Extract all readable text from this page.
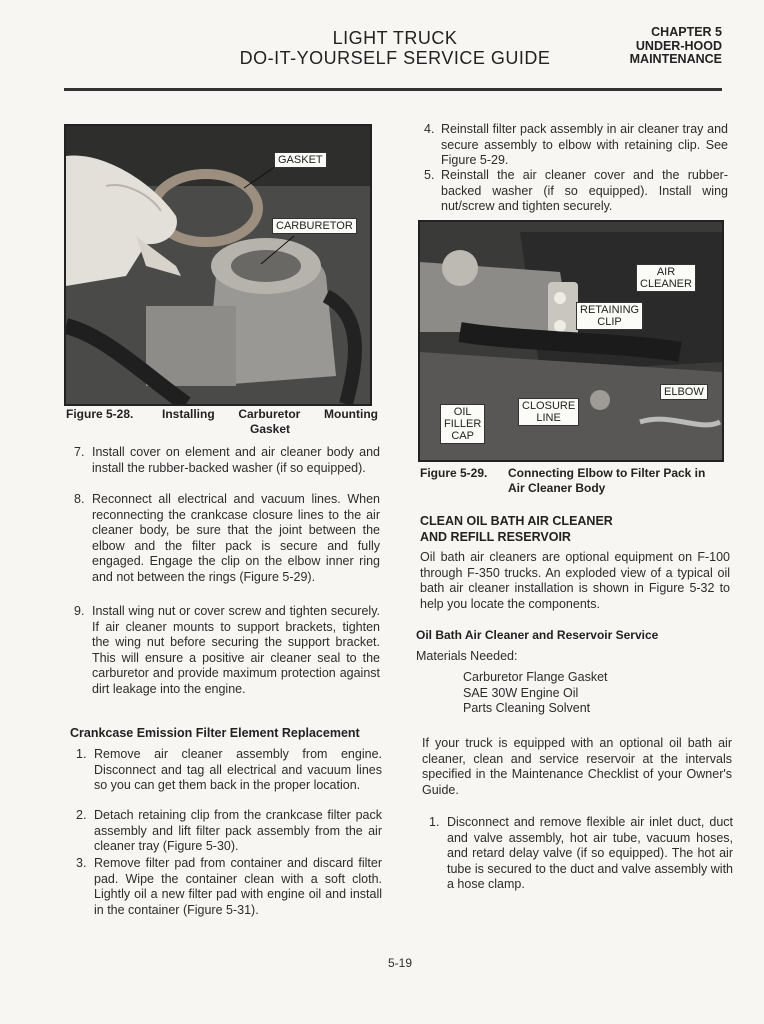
LIGHT TRUCK
DO-IT-YOURSELF SERVICE GUIDE
CHAPTER 5
UNDER-HOOD
MAINTENANCE
GASKET
CARBURETOR
Figure 5-28. Installing Carburetor Mounting Gasket
7. Install cover on element and air cleaner body and install the rubber-backed washer (if so equipped).
8. Reconnect all electrical and vacuum lines. When reconnecting the crankcase closure lines to the air cleaner body, be sure that the joint between the elbow and the filter pack is secure and fully engaged. Engage the clip on the elbow inner ring and not between the rings (Figure 5-29).
9. Install wing nut or cover screw and tighten securely. If air cleaner mounts to support brackets, tighten the wing nut before securing the support bracket. This will ensure a positive air cleaner seal to the carburetor and provide maximum protection against dirt leakage into the engine.
Crankcase Emission Filter Element Replacement
1. Remove air cleaner assembly from engine. Disconnect and tag all electrical and vacuum lines so you can get them back in the proper location.
2. Detach retaining clip from the crankcase filter pack assembly and lift filter pack assembly from the air cleaner tray (Figure 5-30).
3. Remove filter pad from container and discard filter pad. Wipe the container clean with a soft cloth. Lightly oil a new filter pad with engine oil and install in the container (Figure 5-31).
4. Reinstall filter pack assembly in air cleaner tray and secure assembly to elbow with retaining clip. See Figure 5-29.
5. Reinstall the air cleaner cover and the rubber-backed washer (if so equipped). Install wing nut/screw and tighten securely.
AIR
CLEANER
RETAINING
CLIP
ELBOW
CLOSURE
LINE
OIL
FILLER
CAP
Figure 5-29. Connecting Elbow to Filter Pack in
Air Cleaner Body
CLEAN OIL BATH AIR CLEANER
AND REFILL RESERVOIR
Oil bath air cleaners are optional equipment on F-100 through F-350 trucks. An exploded view of a typical oil bath air cleaner installation is shown in Figure 5-32 to help you locate the components.
Oil Bath Air Cleaner and Reservoir Service
Materials Needed:
Carburetor Flange Gasket
SAE 30W Engine Oil
Parts Cleaning Solvent
If your truck is equipped with an optional oil bath air cleaner, clean and service reservoir at the intervals specified in the Maintenance Checklist of your Owner's Guide.
1. Disconnect and remove flexible air inlet duct, duct and valve assembly, hot air tube, vacuum hoses, and retard delay valve (if so equipped). The hot air tube is secured to the duct and valve assembly with a hose clamp.
5-19
